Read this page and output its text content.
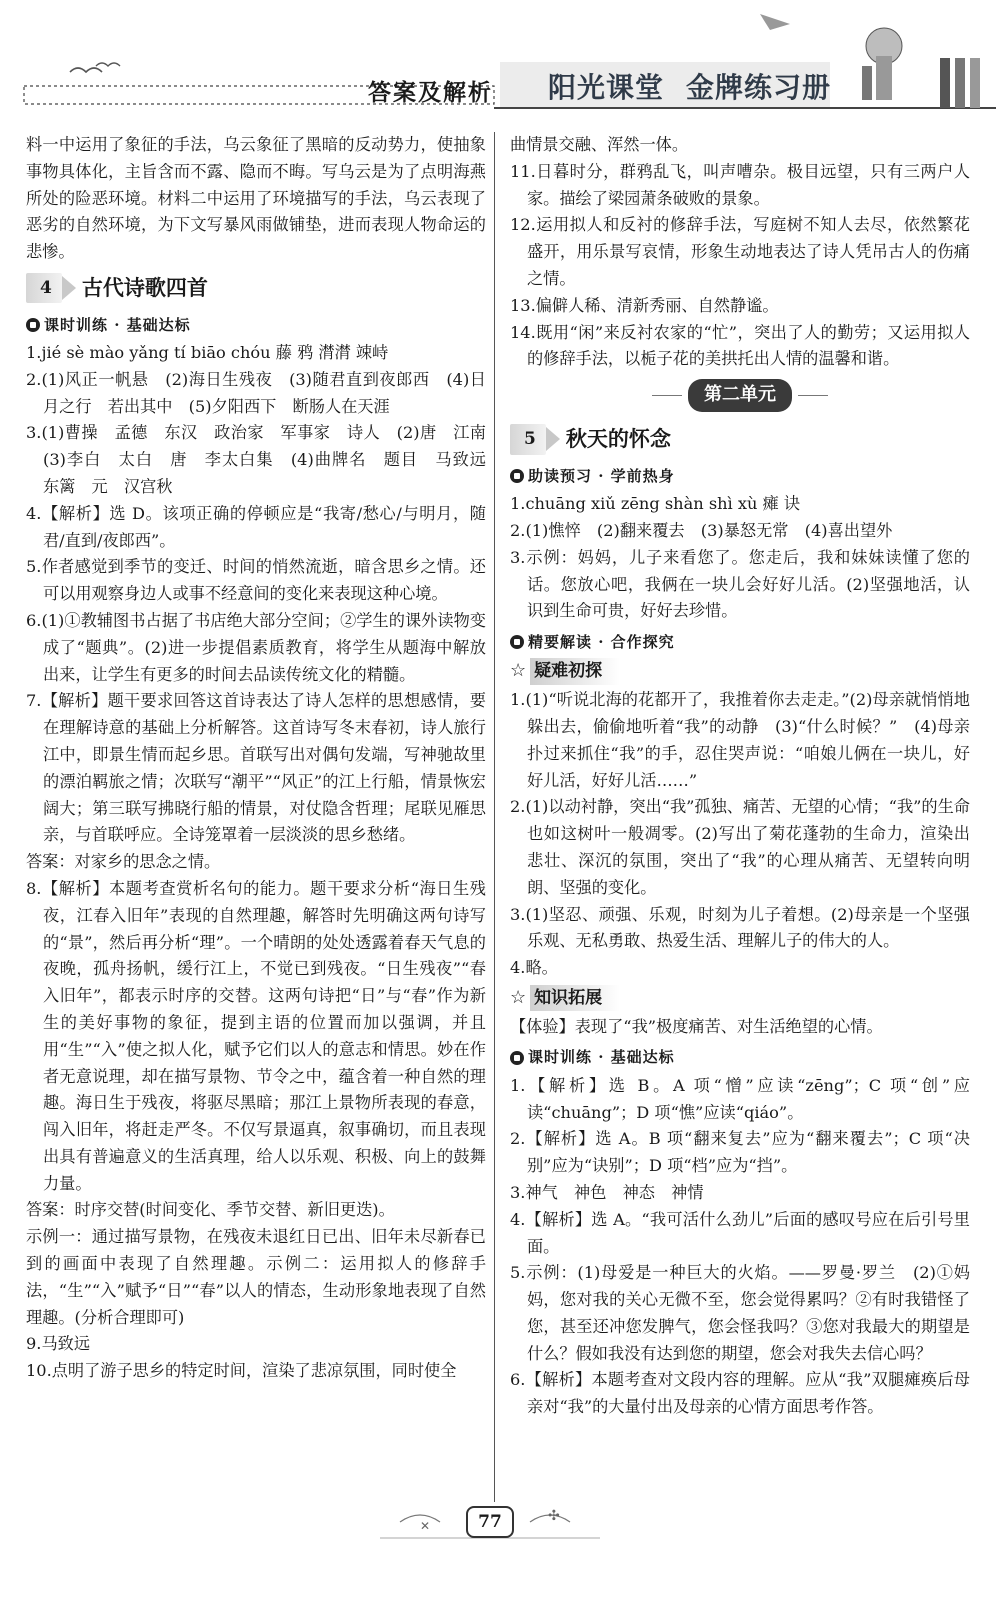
答案及解析 阳光课堂 金牌练习册

料一中运用了象征的手法，乌云象征了黑暗的反动势力，使抽象事物具体化，主旨含而不露、隐而不晦。写乌云是为了点明海燕所处的险恶环境。材料二中运用了环境描写的手法，乌云表现了恶劣的自然环境，为下文写暴风雨做铺垫，进而表现人物命运的悲惨。

4	古代诗歌四首
课时训练 · 基础达标

1.jié sè mào yǎng tí biāo chóu 藤 鸦 潸潸 竦峙

2.(1)风正一帆悬　(2)海日生残夜　(3)随君直到夜郎西　(4)日月之行　若出其中　(5)夕阳西下　断肠人在天涯

3.(1)曹操　孟德　东汉　政治家　军事家　诗人　(2)唐　江南　(3)李白　太白　唐　李太白集　(4)曲牌名　题目　马致远　东篱　元　汉宫秋

4.【解析】选 D。该项正确的停顿应是“我寄/愁心/与明月，随君/直到/夜郎西”。

5.作者感觉到季节的变迁、时间的悄然流逝，暗含思乡之情。还可以用观察身边人或事不经意间的变化来表现这种心境。

6.(1)①教辅图书占据了书店绝大部分空间；②学生的课外读物变成了“题典”。(2)进一步提倡素质教育，将学生从题海中解放出来，让学生有更多的时间去品读传统文化的精髓。

7.【解析】题干要求回答这首诗表达了诗人怎样的思想感情，要在理解诗意的基础上分析解答。这首诗写冬末春初，诗人旅行江中，即景生情而起乡思。首联写出对偶句发端，写神驰故里的漂泊羁旅之情；次联写“潮平”“风正”的江上行船，情景恢宏阔大；第三联写拂晓行船的情景，对仗隐含哲理；尾联见雁思亲，与首联呼应。全诗笼罩着一层淡淡的思乡愁绪。

答案：对家乡的思念之情。

8.【解析】本题考查赏析名句的能力。题干要求分析“海日生残夜，江春入旧年”表现的自然理趣，解答时先明确这两句诗写的“景”，然后再分析“理”。一个晴朗的处处透露着春天气息的夜晚，孤舟扬帆，缓行江上，不觉已到残夜。“日生残夜”“春入旧年”，都表示时序的交替。这两句诗把“日”与“春”作为新生的美好事物的象征，提到主语的位置而加以强调，并且用“生”“入”使之拟人化，赋予它们以人的意志和情思。妙在作者无意说理，却在描写景物、节令之中，蕴含着一种自然的理趣。海日生于残夜，将驱尽黑暗；那江上景物所表现的春意，闯入旧年，将赶走严冬。不仅写景逼真，叙事确切，而且表现出具有普遍意义的生活真理，给人以乐观、积极、向上的鼓舞力量。

答案：时序交替(时间变化、季节交替、新旧更迭)。

示例一：通过描写景物，在残夜未退红日已出、旧年未尽新春已到的画面中表现了自然理趣。示例二：运用拟人的修辞手法，“生”“入”赋予“日”“春”以人的情态，生动形象地表现了自然理趣。(分析合理即可)

9.马致远

10.点明了游子思乡的特定时间，渲染了悲凉氛围，同时使全

曲情景交融、浑然一体。

11.日暮时分，群鸦乱飞，叫声嘈杂。极目远望，只有三两户人家。描绘了梁园萧条破败的景象。

12.运用拟人和反衬的修辞手法，写庭树不知人去尽，依然繁花盛开，用乐景写哀情，形象生动地表达了诗人凭吊古人的伤痛之情。

13.偏僻人稀、清新秀丽、自然静谧。

14.既用“闲”来反衬农家的“忙”，突出了人的勤劳；又运用拟人的修辞手法，以栀子花的美拱托出人情的温馨和谐。

第二单元
5	秋天的怀念
助读预习 · 学前热身

1.chuāng xiǔ zēng shàn shì xù 瘫 诀

2.(1)憔悴　(2)翻来覆去　(3)暴怒无常　(4)喜出望外

3.示例：妈妈，儿子来看您了。您走后，我和妹妹读懂了您的话。您放心吧，我俩在一块儿会好好儿活。(2)坚强地活，认识到生命可贵，好好去珍惜。

精要解读 · 合作探究
☆ 疑难初探

1.(1)“听说北海的花都开了，我推着你去走走。”(2)母亲就悄悄地躲出去，偷偷地听着“我”的动静　(3)“什么时候？”　(4)母亲扑过来抓住“我”的手，忍住哭声说：“咱娘儿俩在一块儿，好好儿活，好好儿活……”

2.(1)以动衬静，突出“我”孤独、痛苦、无望的心情；“我”的生命也如这树叶一般凋零。(2)写出了菊花蓬勃的生命力，渲染出悲壮、深沉的氛围，突出了“我”的心理从痛苦、无望转向明朗、坚强的变化。

3.(1)坚忍、顽强、乐观，时刻为儿子着想。(2)母亲是一个坚强乐观、无私勇敢、热爱生活、理解儿子的伟大的人。

4.略。

☆ 知识拓展

【体验】表现了“我”极度痛苦、对生活绝望的心情。

课时训练 · 基础达标

1.【解析】选 B。A 项“憎”应读“zēng”；C 项“创”应读“chuāng”；D 项“憔”应读“qiáo”。

2.【解析】选 A。B 项“翻来复去”应为“翻来覆去”；C 项“决别”应为“诀别”；D 项“档”应为“挡”。

3.神气　神色　神态　神情

4.【解析】选 A。“我可活什么劲儿”后面的感叹号应在后引号里面。

5.示例：(1)母爱是一种巨大的火焰。——罗曼·罗兰　(2)①妈妈，您对我的关心无微不至，您会觉得累吗？②有时我错怪了您，甚至还冲您发脾气，您会怪我吗？③您对我最大的期望是什么？假如我没有达到您的期望，您会对我失去信心吗？

6.【解析】本题考查对文段内容的理解。应从“我”双腿瘫痪后母亲对“我”的大量付出及母亲的心情方面思考作答。

✕
✣
77
